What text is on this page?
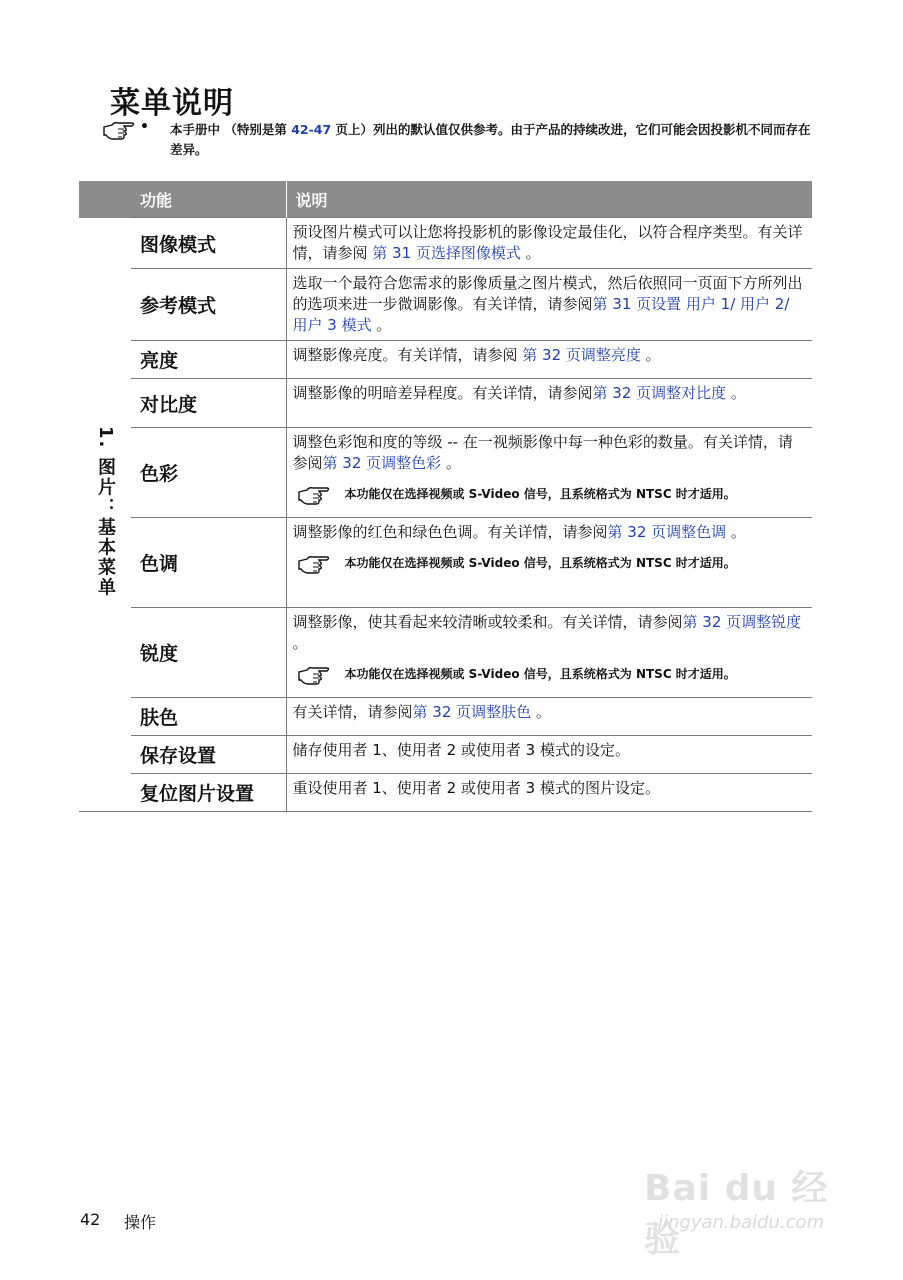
菜单说明
• 本手册中 （特别是第 42-47 页上）列出的默认值仅供参考。由于产品的持续改进，它们可能会因投影机不同而存在差异。
	功能	说明
1. 图片：基本菜单	图像模式	预设图片模式可以让您将投影机的影像设定最佳化，以符合程序类型。有关详情，请参阅 第 31 页选择图像模式 。
	参考模式	选取一个最符合您需求的影像质量之图片模式，然后依照同一页面下方所列出的选项来进一步微调影像。有关详情，请参阅第 31 页设置 用户 1/ 用户 2/ 用户 3 模式 。
	亮度	调整影像亮度。有关详情，请参阅 第 32 页调整亮度 。
	对比度	调整影像的明暗差异程度。有关详情，请参阅第 32 页调整对比度 。
	色彩	调整色彩饱和度的等级 -- 在一视频影像中每一种色彩的数量。有关详情，请参阅第 32 页调整色彩 。
本功能仅在选择视频或 S-Video 信号，且系统格式为 NTSC 时才适用。

	色调	调整影像的红色和绿色色调。有关详情，请参阅第 32 页调整色调 。
本功能仅在选择视频或 S-Video 信号，且系统格式为 NTSC 时才适用。

	锐度	调整影像，使其看起来较清晰或较柔和。有关详情，请参阅第 32 页调整锐度 。
本功能仅在选择视频或 S-Video 信号，且系统格式为 NTSC 时才适用。

	肤色	有关详情，请参阅第 32 页调整肤色 。
	保存设置	储存使用者 1、使用者 2 或使用者 3 模式的设定。
	复位图片设置	重设使用者 1、使用者 2 或使用者 3 模式的图片设定。
42 操作
Bai du 经验
jingyan.baidu.com
